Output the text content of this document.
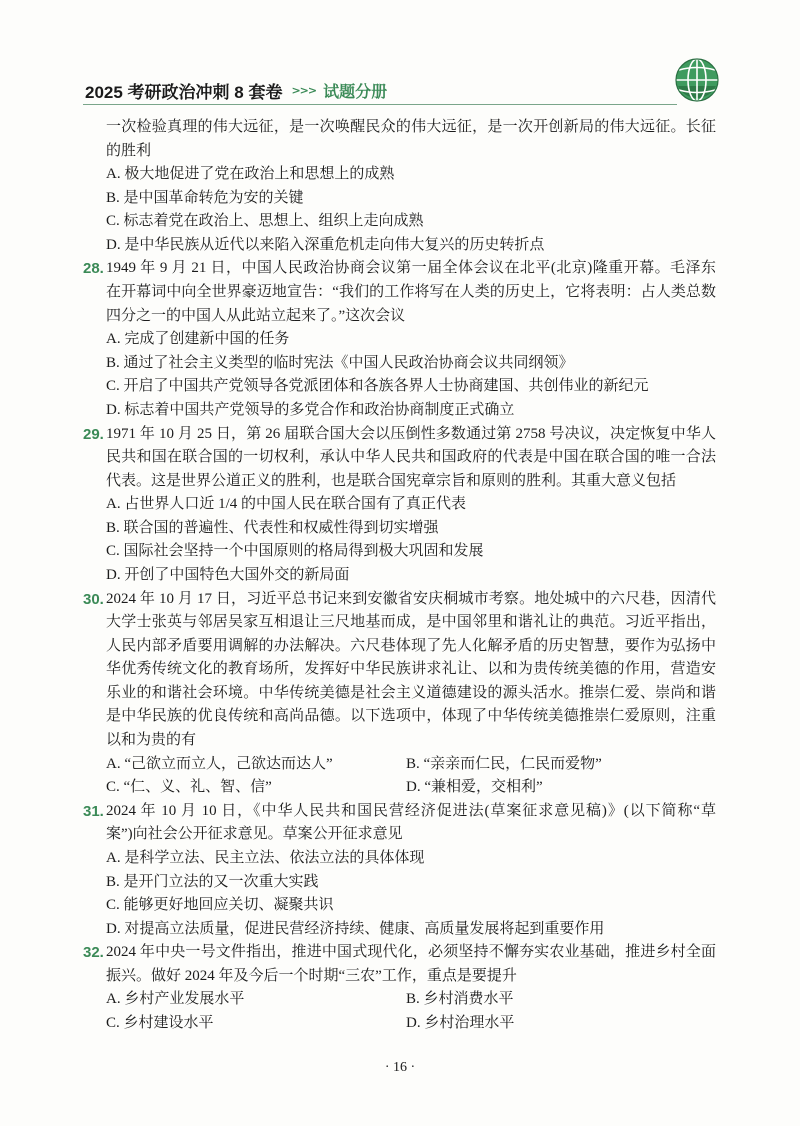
2025 考研政治冲刺 8 套卷 >>> 试题分册
一次检验真理的伟大远征，是一次唤醒民众的伟大远征，是一次开创新局的伟大远征。长征
的胜利
A. 极大地促进了党在政治上和思想上的成熟
B. 是中国革命转危为安的关键
C. 标志着党在政治上、思想上、组织上走向成熟
D. 是中华民族从近代以来陷入深重危机走向伟大复兴的历史转折点
28. 1949 年 9 月 21 日，中国人民政治协商会议第一届全体会议在北平(北京)隆重开幕。毛泽东
在开幕词中向全世界豪迈地宣告：“我们的工作将写在人类的历史上，它将表明：占人类总数
四分之一的中国人从此站立起来了。”这次会议
A. 完成了创建新中国的任务
B. 通过了社会主义类型的临时宪法《中国人民政治协商会议共同纲领》
C. 开启了中国共产党领导各党派团体和各族各界人士协商建国、共创伟业的新纪元
D. 标志着中国共产党领导的多党合作和政治协商制度正式确立
29. 1971 年 10 月 25 日，第 26 届联合国大会以压倒性多数通过第 2758 号决议，决定恢复中华人
民共和国在联合国的一切权利，承认中华人民共和国政府的代表是中国在联合国的唯一合法
代表。这是世界公道正义的胜利，也是联合国宪章宗旨和原则的胜利。其重大意义包括
A. 占世界人口近 1/4 的中国人民在联合国有了真正代表
B. 联合国的普遍性、代表性和权威性得到切实增强
C. 国际社会坚持一个中国原则的格局得到极大巩固和发展
D. 开创了中国特色大国外交的新局面
30. 2024 年 10 月 17 日，习近平总书记来到安徽省安庆桐城市考察。地处城中的六尺巷，因清代
大学士张英与邻居吴家互相退让三尺地基而成，是中国邻里和谐礼让的典范。习近平指出，
人民内部矛盾要用调解的办法解决。六尺巷体现了先人化解矛盾的历史智慧，要作为弘扬中
华优秀传统文化的教育场所，发挥好中华民族讲求礼让、以和为贵传统美德的作用，营造安
乐业的和谐社会环境。中华传统美德是社会主义道德建设的源头活水。推崇仁爱、崇尚和谐
是中华民族的优良传统和高尚品德。以下选项中，体现了中华传统美德推崇仁爱原则，注重
以和为贵的有
A. “己欲立而立人，己欲达而达人”	B. “亲亲而仁民，仁民而爱物”
C. “仁、义、礼、智、信”	D. “兼相爱，交相利”
31. 2024 年 10 月 10 日，《中华人民共和国民营经济促进法(草案征求意见稿)》(以下简称“草
案”)向社会公开征求意见。草案公开征求意见
A. 是科学立法、民主立法、依法立法的具体体现
B. 是开门立法的又一次重大实践
C. 能够更好地回应关切、凝聚共识
D. 对提高立法质量，促进民营经济持续、健康、高质量发展将起到重要作用
32. 2024 年中央一号文件指出，推进中国式现代化，必须坚持不懈夯实农业基础，推进乡村全面
振兴。做好 2024 年及今后一个时期“三农”工作，重点是要提升
A. 乡村产业发展水平	B. 乡村消费水平
C. 乡村建设水平	D. 乡村治理水平
· 16 ·
